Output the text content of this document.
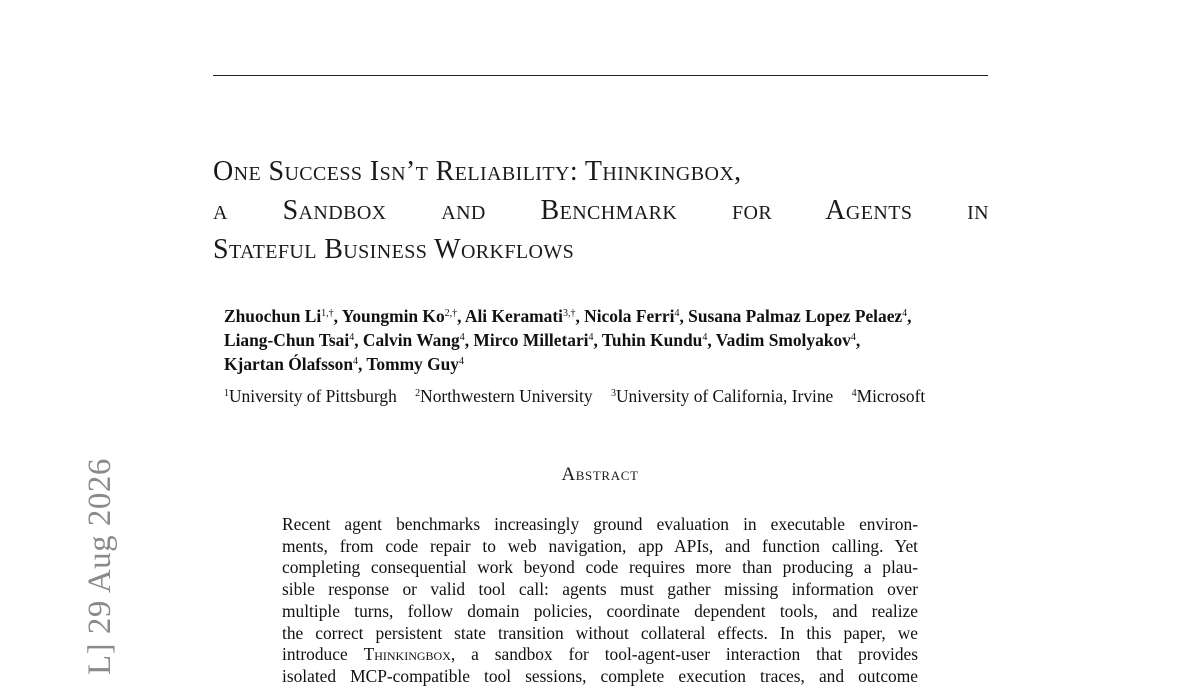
One Success Isn’t Reliability: Thinkingbox,
a Sandbox and Benchmark for Agents in
Stateful Business Workflows
Zhuochun $Li^{1,\dagger}$, Youngmin $Ko^{2,\dagger}$, Ali Keramati$^{3,\dagger}$, Nicola Ferri$^4$, Susana Palmaz Lopez Pelaez$^4$,
Liang-Chun Tsai$^4$, Calvin Wang$^4$, Mirco Milletari$^4$, Tuhin Kundu$^4$, Vadim Smolyakov$^4$,
Kjartan Ólafsson$^4$, Tommy Guy$^4$
$^1$University of Pittsburgh $^2$Northwestern University $^3$University of California, Irvine $^4$Microsoft
Abstract
Recent agent benchmarks increasingly ground evaluation in executable environ-
ments, from code repair to web navigation, app APIs, and function calling. Yet
completing consequential work beyond code requires more than producing a plau-
sible response or valid tool call: agents must gather missing information over
multiple turns, follow domain policies, coordinate dependent tools, and realize
the correct persistent state transition without collateral effects. In this paper, we
introduce Thinkingbox, a sandbox for tool-agent-user interaction that provides
isolated MCP-compatible tool sessions, complete execution traces, and outcome
L] 29 Aug 2026
